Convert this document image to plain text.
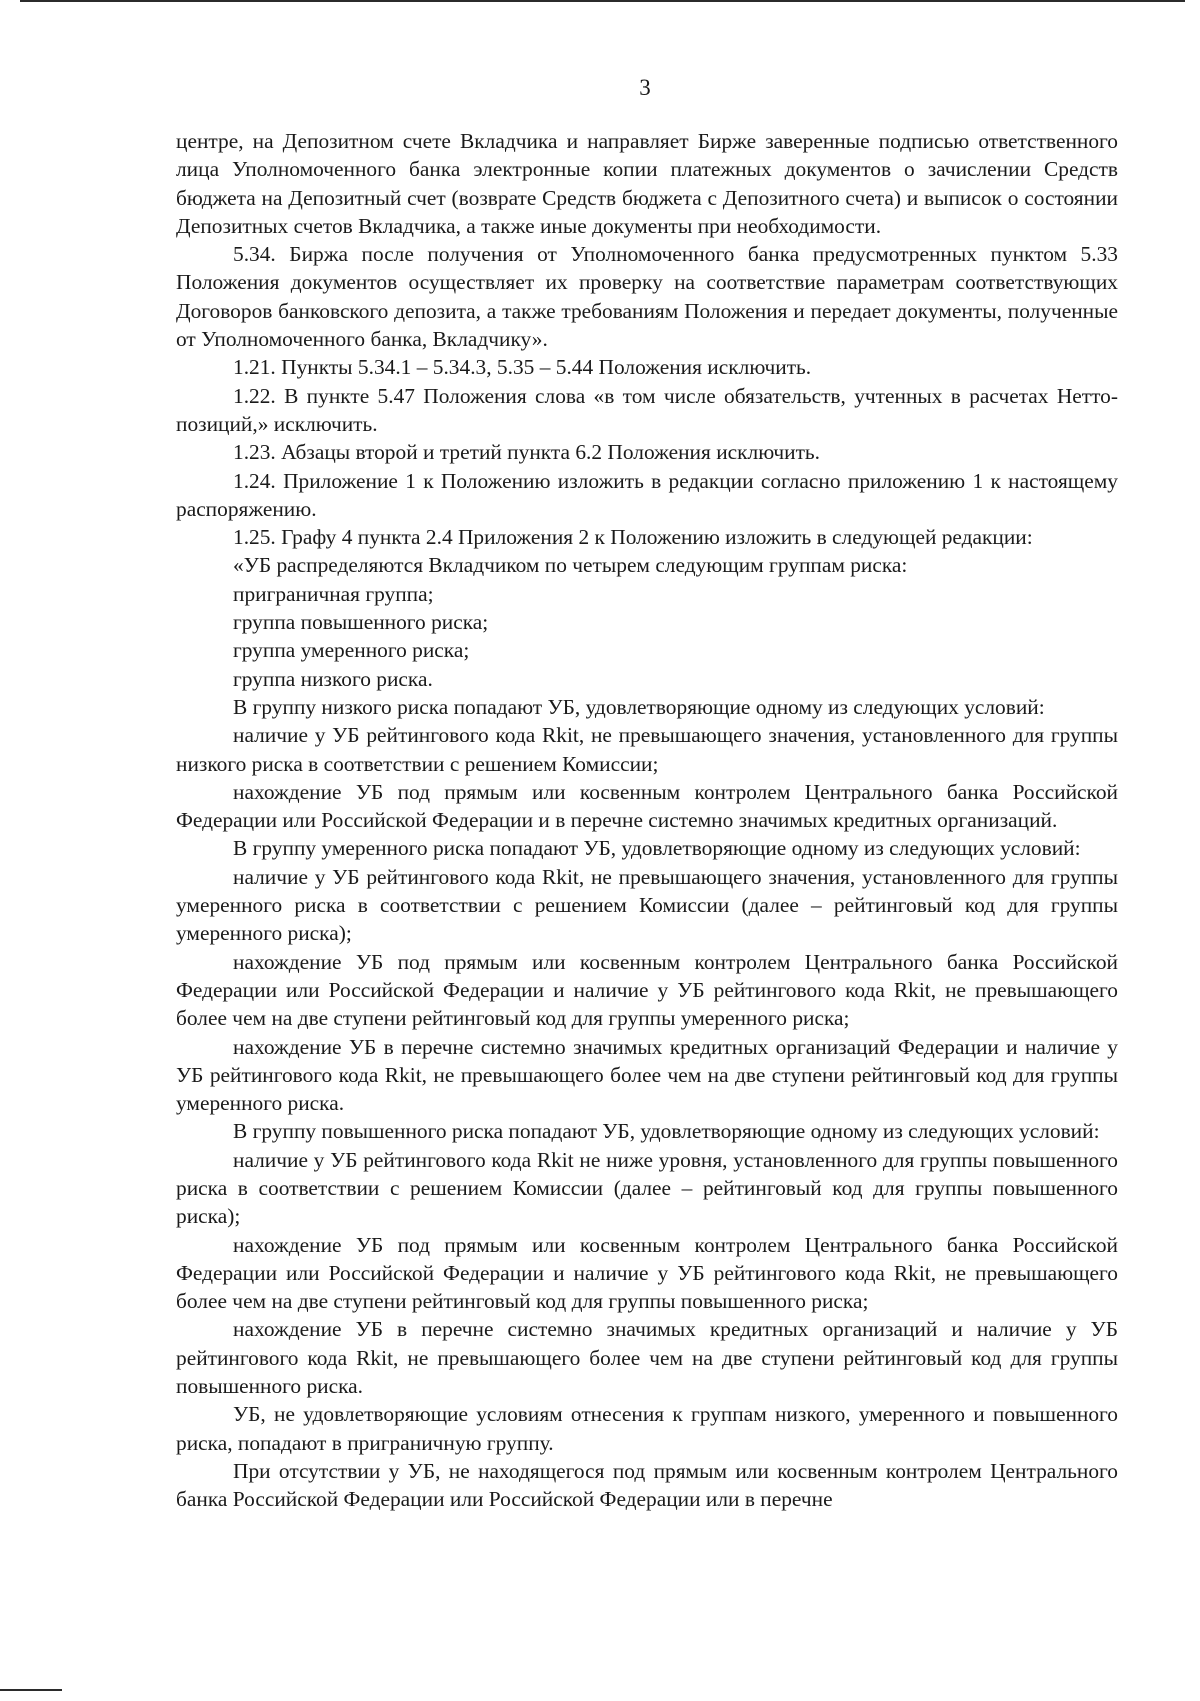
3

центре, на Депозитном счете Вкладчика и направляет Бирже заверенные подписью ответственного лица Уполномоченного банка электронные копии платежных документов о зачислении Средств бюджета на Депозитный счет (возврате Средств бюджета с Депозитного счета) и выписок о состоянии Депозитных счетов Вкладчика, а также иные документы при необходимости.

5.34. Биржа после получения от Уполномоченного банка предусмотренных пунктом 5.33 Положения документов осуществляет их проверку на соответствие параметрам соответствующих Договоров банковского депозита, а также требованиям Положения и передает документы, полученные от Уполномоченного банка, Вкладчику».

1.21. Пункты 5.34.1 – 5.34.3, 5.35 – 5.44 Положения исключить.

1.22. В пункте 5.47 Положения слова «в том числе обязательств, учтенных в расчетах Нетто-позиций,» исключить.

1.23. Абзацы второй и третий пункта 6.2 Положения исключить.

1.24. Приложение 1 к Положению изложить в редакции согласно приложению 1 к настоящему распоряжению.

1.25. Графу 4 пункта 2.4 Приложения 2 к Положению изложить в следующей редакции:

«УБ распределяются Вкладчиком по четырем следующим группам риска:

приграничная группа;

группа повышенного риска;

группа умеренного риска;

группа низкого риска.

В группу низкого риска попадают УБ, удовлетворяющие одному из следующих условий:

наличие у УБ рейтингового кода Rkit, не превышающего значения, установленного для группы низкого риска в соответствии с решением Комиссии;

нахождение УБ под прямым или косвенным контролем Центрального банка Российской Федерации или Российской Федерации и в перечне системно значимых кредитных организаций.

В группу умеренного риска попадают УБ, удовлетворяющие одному из следующих условий:

наличие у УБ рейтингового кода Rkit, не превышающего значения, установленного для группы умеренного риска в соответствии с решением Комиссии (далее – рейтинговый код для группы умеренного риска);

нахождение УБ под прямым или косвенным контролем Центрального банка Российской Федерации или Российской Федерации и наличие у УБ рейтингового кода Rkit, не превышающего более чем на две ступени рейтинговый код для группы умеренного риска;

нахождение УБ в перечне системно значимых кредитных организаций Федерации и наличие у УБ рейтингового кода Rkit, не превышающего более чем на две ступени рейтинговый код для группы умеренного риска.

В группу повышенного риска попадают УБ, удовлетворяющие одному из следующих условий:

наличие у УБ рейтингового кода Rkit не ниже уровня, установленного для группы повышенного риска в соответствии с решением Комиссии (далее – рейтинговый код для группы повышенного риска);

нахождение УБ под прямым или косвенным контролем Центрального банка Российской Федерации или Российской Федерации и наличие у УБ рейтингового кода Rkit, не превышающего более чем на две ступени рейтинговый код для группы повышенного риска;

нахождение УБ в перечне системно значимых кредитных организаций и наличие у УБ рейтингового кода Rkit, не превышающего более чем на две ступени рейтинговый код для группы повышенного риска.

УБ, не удовлетворяющие условиям отнесения к группам низкого, умеренного и повышенного риска, попадают в приграничную группу.

При отсутствии у УБ, не находящегося под прямым или косвенным контролем Центрального банка Российской Федерации или Российской Федерации или в перечне
